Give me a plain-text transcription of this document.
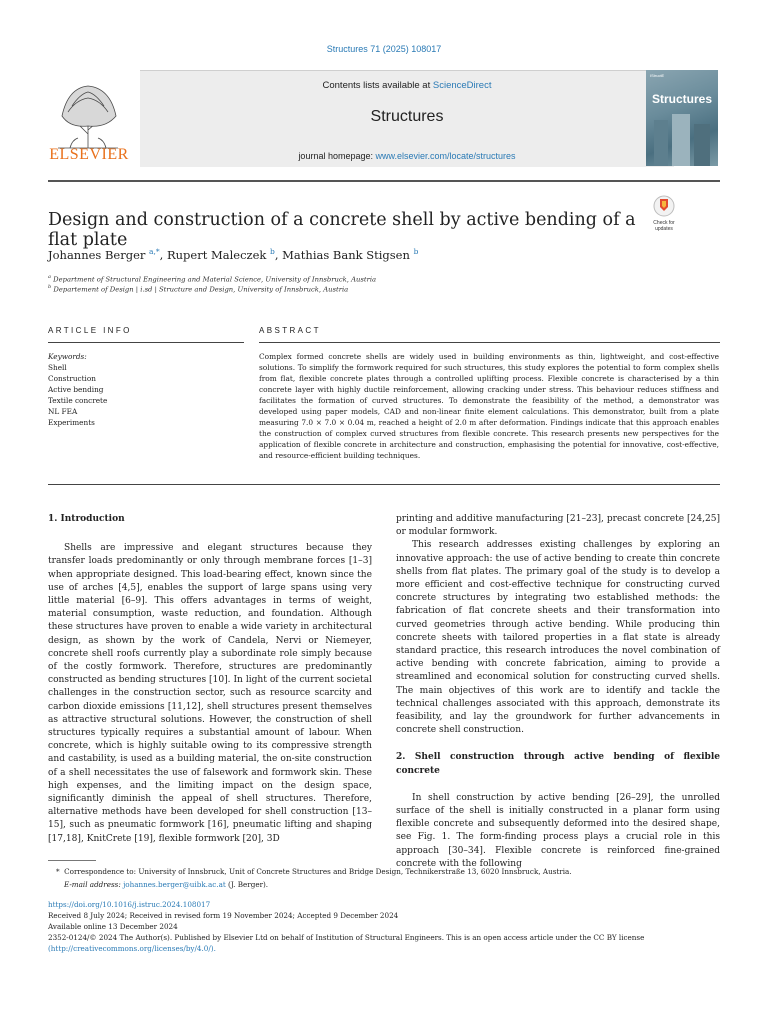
Structures 71 (2025) 108017
ELSEVIER
Contents lists available at ScienceDirect
Structures
journal homepage: www.elsevier.com/locate/structures
IStructE
Structures
Design and construction of a concrete shell by active bending of a flat plate
Check for updates
Johannes Berger $^{a,*}$, Rupert Maleczek $^b$, Mathias Bank Stigsen $^b$
$^a$ Department of Structural Engineering and Material Science, University of Innsbruck, Austria
$^b$ Departement of Design | i.sd | Structure and Design, University of Innsbruck, Austria
ARTICLE INFO	ABSTRACT
Keywords:
Shell
Construction
Active bending
Textile concrete
NL FEA
Experiments
Complex formed concrete shells are widely used in building environments as thin, lightweight, and cost-effective solutions. To simplify the formwork required for such structures, this study explores the potential to form complex shells from flat, flexible concrete plates through a controlled uplifting process. Flexible concrete is characterised by a thin concrete layer with highly ductile reinforcement, allowing cracking under stress. This behaviour reduces stiffness and facilitates the formation of curved structures. To demonstrate the feasibility of the method, a demonstrator was developed using paper models, CAD and non-linear finite element calculations. This demonstrator, built from a plate measuring 7.0 × 7.0 × 0.04 m, reached a height of 2.0 m after deformation. Findings indicate that this approach enables the construction of complex curved structures from flexible concrete. This research presents new perspectives for the application of flexible concrete in architecture and construction, emphasising the potential for innovative, cost-effective, and resource-efficient building techniques.
1. Introduction

Shells are impressive and elegant structures because they transfer loads predominantly or only through membrane forces [1–3] when appropriate designed. This load-bearing effect, known since the use of arches [4,5], enables the support of large spans using very little material [6–9]. This offers advantages in terms of weight, material consumption, waste reduction, and foundation. Although these structures have proven to enable a wide variety in architectural design, as shown by the work of Candela, Nervi or Niemeyer, concrete shell roofs currently play a subordinate role simply because of the costly formwork. Therefore, structures are predominantly constructed as bending structures [10]. In light of the current societal challenges in the construction sector, such as resource scarcity and carbon dioxide emissions [11,12], shell structures present themselves as attractive structural solutions. However, the construction of shell structures typically requires a substantial amount of labour. When concrete, which is highly suitable owing to its compressive strength and castability, is used as a building material, the on-site construction of a shell necessitates the use of falsework and formwork skin. These high expenses, and the limiting impact on the design space, significantly diminish the appeal of shell structures. Therefore, alternative methods have been developed for shell construction [13–15], such as pneumatic formwork [16], pneumatic lifting and shaping [17,18], KnitCrete [19], flexible formwork [20], 3D

printing and additive manufacturing [21–23], precast concrete [24,25] or modular formwork.

This research addresses existing challenges by exploring an innovative approach: the use of active bending to create thin concrete shells from flat plates. The primary goal of the study is to develop a more efficient and cost-effective technique for constructing curved concrete structures by integrating two established methods: the fabrication of flat concrete sheets and their transformation into curved geometries through active bending. While producing thin concrete sheets with tailored properties in a flat state is already standard practice, this research introduces the novel combination of active bending with concrete fabrication, aiming to provide a streamlined and economical solution for constructing curved shells. The main objectives of this work are to identify and tackle the technical challenges associated with this approach, demonstrate its feasibility, and lay the groundwork for further advancements in concrete shell construction.

2. Shell construction through active bending of flexible concrete

In shell construction by active bending [26–29], the unrolled surface of the shell is initially constructed in a planar form using flexible concrete and subsequently deformed into the desired shape, see Fig. 1. The form-finding process plays a crucial role in this approach [30–34]. Flexible concrete is reinforced fine-grained concrete with the following

*  Correspondence to: University of Innsbruck, Unit of Concrete Structures and Bridge Design, Technikerstraße 13, 6020 Innsbruck, Austria.
E-mail address: johannes.berger@uibk.ac.at (J. Berger).
https://doi.org/10.1016/j.istruc.2024.108017
Received 8 July 2024; Received in revised form 19 November 2024; Accepted 9 December 2024
Available online 13 December 2024
2352-0124/© 2024 The Author(s). Published by Elsevier Ltd on behalf of Institution of Structural Engineers. This is an open access article under the CC BY license
(http://creativecommons.org/licenses/by/4.0/).
